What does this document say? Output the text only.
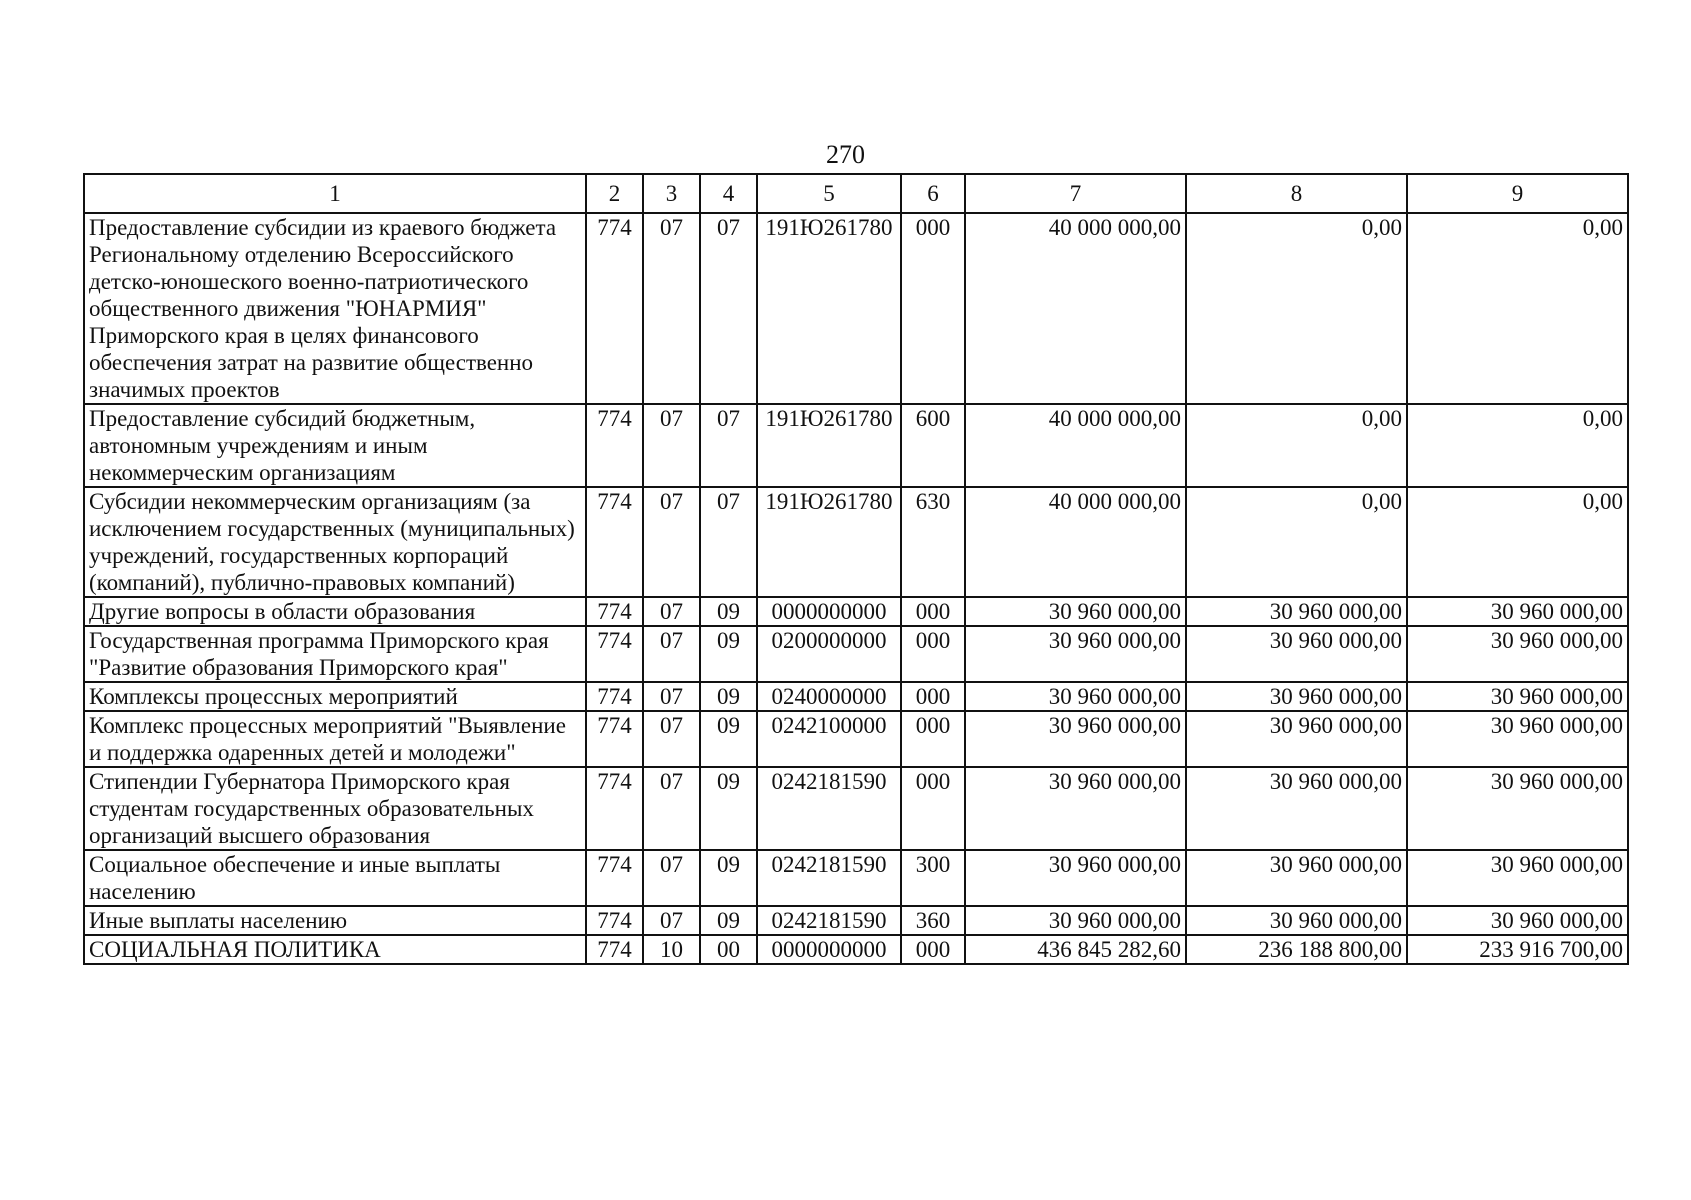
270
1	2	3	4	5	6	7	8	9
Предоставление субсидии из краевого бюджета Региональному отделению Всероссийского детско-юношеского военно-патриотического общественного движения "ЮНАРМИЯ" Приморского края в целях финансового обеспечения затрат на развитие общественно значимых проектов	774	07	07	191Ю261780	000	40 000 000,00	0,00	0,00
Предоставление субсидий бюджетным, автономным учреждениям и иным некоммерческим организациям	774	07	07	191Ю261780	600	40 000 000,00	0,00	0,00
Субсидии некоммерческим организациям (за исключением государственных (муниципальных) учреждений, государственных корпораций (компаний), публично-правовых компаний)	774	07	07	191Ю261780	630	40 000 000,00	0,00	0,00
Другие вопросы в области образования	774	07	09	0000000000	000	30 960 000,00	30 960 000,00	30 960 000,00
Государственная программа Приморского края "Развитие образования Приморского края"	774	07	09	0200000000	000	30 960 000,00	30 960 000,00	30 960 000,00
Комплексы процессных мероприятий	774	07	09	0240000000	000	30 960 000,00	30 960 000,00	30 960 000,00
Комплекс процессных мероприятий "Выявление и поддержка одаренных детей и молодежи"	774	07	09	0242100000	000	30 960 000,00	30 960 000,00	30 960 000,00
Стипендии Губернатора Приморского края студентам государственных образовательных организаций высшего образования	774	07	09	0242181590	000	30 960 000,00	30 960 000,00	30 960 000,00
Социальное обеспечение и иные выплаты населению	774	07	09	0242181590	300	30 960 000,00	30 960 000,00	30 960 000,00
Иные выплаты населению	774	07	09	0242181590	360	30 960 000,00	30 960 000,00	30 960 000,00
СОЦИАЛЬНАЯ ПОЛИТИКА	774	10	00	0000000000	000	436 845 282,60	236 188 800,00	233 916 700,00
